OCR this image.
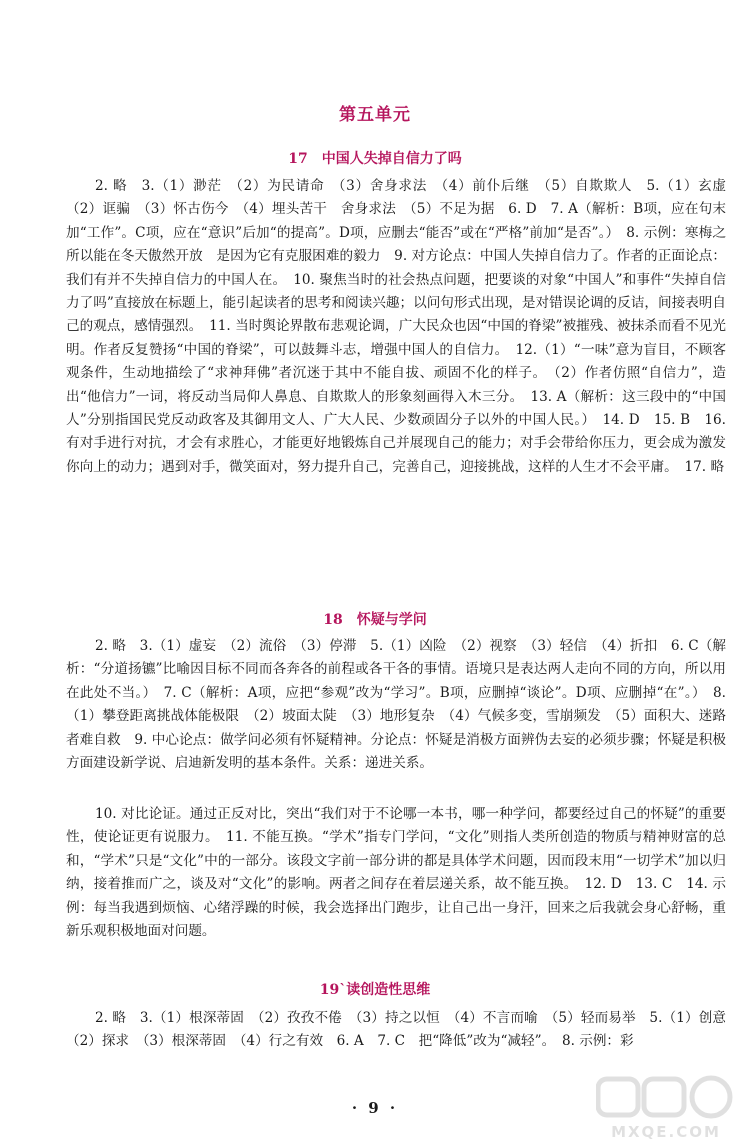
第五单元
17　中国人失掉自信力了吗

2. 略　3.（1）渺茫　（2）为民请命　（3）舍身求法　（4）前仆后继　（5）自欺欺人　5.（1）玄虚　（2）诓骗　（3）怀古伤今　（4）埋头苦干　舍身求法　（5）不足为据　6. D　7. A（解析：B项，应在句末加“工作”。C项，应在“意识”后加“的提高”。D项，应删去“能否”或在“严格”前加“是否”。）　8. 示例：寒梅之所以能在冬天傲然开放　是因为它有克服困难的毅力　9. 对方论点：中国人失掉自信力了。作者的正面论点：我们有并不失掉自信力的中国人在。　10. 聚焦当时的社会热点问题，把要谈的对象“中国人”和事件“失掉自信力了吗”直接放在标题上，能引起读者的思考和阅读兴趣；以问句形式出现，是对错误论调的反诘，间接表明自己的观点，感情强烈。　11. 当时舆论界散布悲观论调，广大民众也因“中国的脊梁”被摧残、被抹杀而看不见光明。作者反复赞扬“中国的脊梁”，可以鼓舞斗志，增强中国人的自信力。　12.（1）“一味”意为盲目，不顾客观条件，生动地描绘了“求神拜佛”者沉迷于其中不能自拔、顽固不化的样子。　（2）作者仿照“自信力”，造出“他信力”一词，将反动当局仰人鼻息、自欺欺人的形象刻画得入木三分。　13. A（解析：这三段中的“中国人”分别指国民党反动政客及其御用文人、广大人民、少数顽固分子以外的中国人民。）　14. D　15. B　16. 有对手进行对抗，才会有求胜心，才能更好地锻炼自己并展现自己的能力；对手会带给你压力，更会成为激发你向上的动力；遇到对手，微笑面对，努力提升自己，完善自己，迎接挑战，这样的人生才不会平庸。　17. 略

18　怀疑与学问

2. 略　3.（1）虚妄　（2）流俗　（3）停滞　5.（1）凶险　（2）视察　（3）轻信　（4）折扣　6. C（解析：“分道扬镳”比喻因目标不同而各奔各的前程或各干各的事情。语境只是表达两人走向不同的方向，所以用在此处不当。）　7. C（解析：A项，应把“参观”改为“学习”。B项，应删掉“谈论”。D项、应删掉“在”。）　8.（1）攀登距离挑战体能极限　（2）坡面太陡　（3）地形复杂　（4）气候多变，雪崩频发　（5）面积大、迷路者难自救　9. 中心论点：做学问必须有怀疑精神。分论点：怀疑是消极方面辨伪去妄的必须步骤；怀疑是积极方面建设新学说、启迪新发明的基本条件。关系：递进关系。

10. 对比论证。通过正反对比，突出“我们对于不论哪一本书，哪一种学问，都要经过自己的怀疑”的重要性，使论证更有说服力。　11. 不能互换。“学术”指专门学问，“文化”则指人类所创造的物质与精神财富的总和，“学术”只是“文化”中的一部分。该段文字前一部分讲的都是具体学术问题，因而段末用“一切学术”加以归纳，接着推而广之，谈及对“文化”的影响。两者之间存在着层递关系，故不能互换。　12. D　13. C　14. 示例：每当我遇到烦恼、心绪浮躁的时候，我会选择出门跑步，让自己出一身汗，回来之后我就会身心舒畅，重新乐观积极地面对问题。

19`读创造性思维

2. 略　3.（1）根深蒂固　（2）孜孜不倦　（3）持之以恒　（4）不言而喻　（5）轻而易举　5.（1）创意　（2）探求　（3）根深蒂固　（4）行之有效　6. A　7. C　把“降低”改为“减轻”。　8. 示例：彩

· 9 ·
MXQE.COM
